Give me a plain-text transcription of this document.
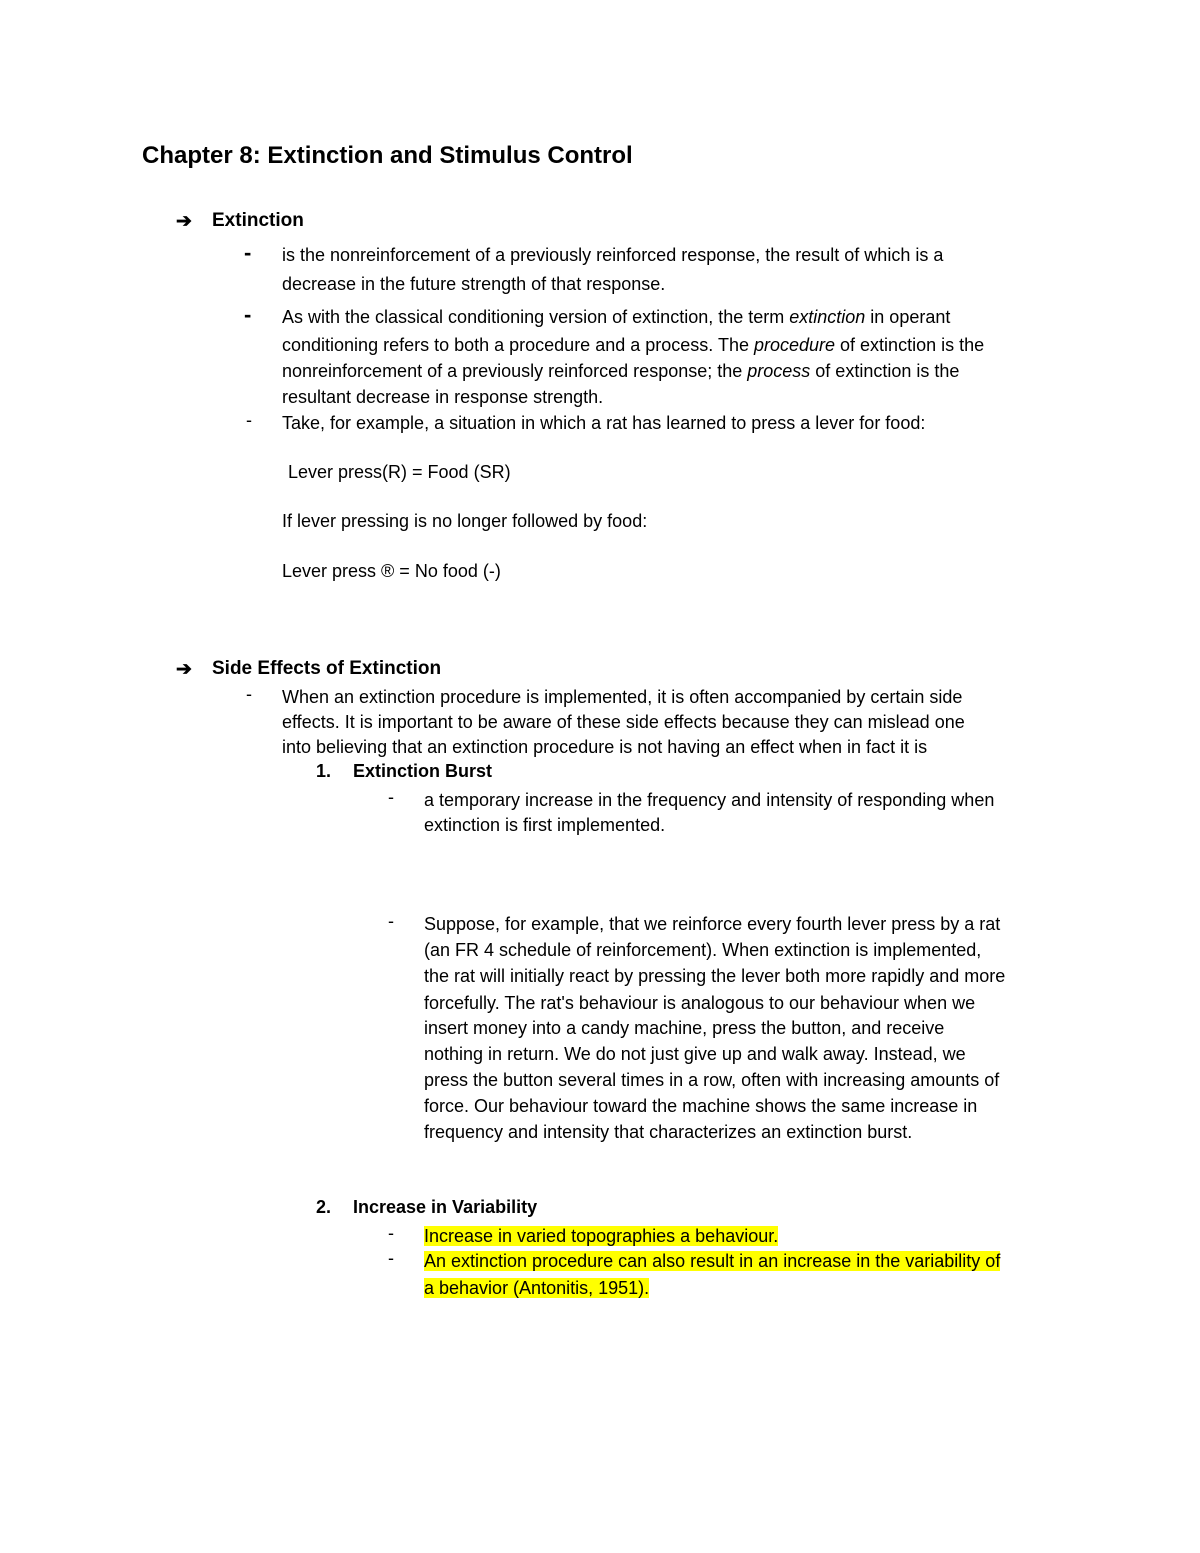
Chapter 8: Extinction and Stimulus Control
➔ Extinction
- is the nonreinforcement of a previously reinforced response, the result of which is a
decrease in the future strength of that response.
- As with the classical conditioning version of extinction, the term extinction in operant
conditioning refers to both a procedure and a process. The procedure of extinction is the
nonreinforcement of a previously reinforced response; the process of extinction is the
resultant decrease in response strength.
- Take, for example, a situation in which a rat has learned to press a lever for food:
Lever press(R) = Food (SR)
If lever pressing is no longer followed by food:
Lever press ® = No food (-)
➔ Side Effects of Extinction
- When an extinction procedure is implemented, it is often accompanied by certain side
effects. It is important to be aware of these side effects because they can mislead one
into believing that an extinction procedure is not having an effect when in fact it is
1. Extinction Burst
- a temporary increase in the frequency and intensity of responding when
extinction is first implemented.
- Suppose, for example, that we reinforce every fourth lever press by a rat
(an FR 4 schedule of reinforcement). When extinction is implemented,
the rat will initially react by pressing the lever both more rapidly and more
forcefully. The rat's behaviour is analogous to our behaviour when we
insert money into a candy machine, press the button, and receive
nothing in return. We do not just give up and walk away. Instead, we
press the button several times in a row, often with increasing amounts of
force. Our behaviour toward the machine shows the same increase in
frequency and intensity that characterizes an extinction burst.
2. Increase in Variability
- Increase in varied topographies a behaviour.
- An extinction procedure can also result in an increase in the variability of
a behavior (Antonitis, 1951).
